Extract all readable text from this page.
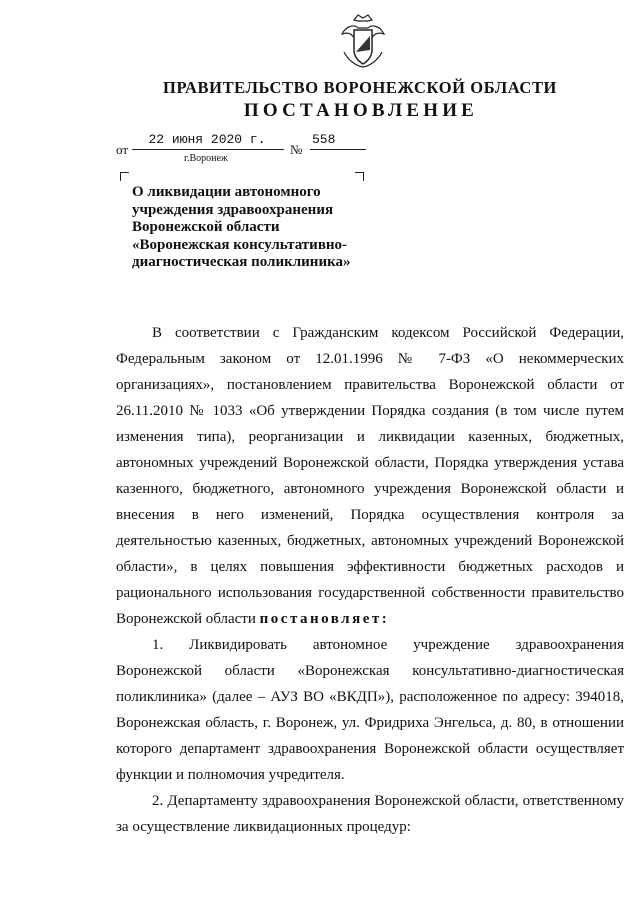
ПРАВИТЕЛЬСТВО ВОРОНЕЖСКОЙ ОБЛАСТИ
ПОСТАНОВЛЕНИЕ
от
22 июня 2020 г.
№
558
г.Воронеж
О ликвидации автономного
учреждения здравоохранения
Воронежской области
«Воронежская консультативно-
диагностическая поликлиника»

В соответствии с Гражданским кодексом Российской Федерации, Федеральным законом от 12.01.1996 № 7-ФЗ «О некоммерческих организациях», постановлением правительства Воронежской области от 26.11.2010 № 1033 «Об утверждении Порядка создания (в том числе путем изменения типа), реорганизации и ликвидации казенных, бюджетных, автономных учреждений Воронежской области, Порядка утверждения устава казенного, бюджетного, автономного учреждения Воронежской области и внесения в него изменений, Порядка осуществления контроля за деятельностью казенных, бюджетных, автономных учреждений Воронежской области», в целях повышения эффективности бюджетных расходов и рационального использования государственной собственности правительство Воронежской области постановляет:

1. Ликвидировать автономное учреждение здравоохранения Воронежской области «Воронежская консультативно-диагностическая поликлиника» (далее – АУЗ ВО «ВКДП»), расположенное по адресу: 394018, Воронежская область, г. Воронеж, ул. Фридриха Энгельса, д. 80, в отношении которого департамент здравоохранения Воронежской области осуществляет функции и полномочия учредителя.

2. Департаменту здравоохранения Воронежской области, ответственному за осуществление ликвидационных процедур:
